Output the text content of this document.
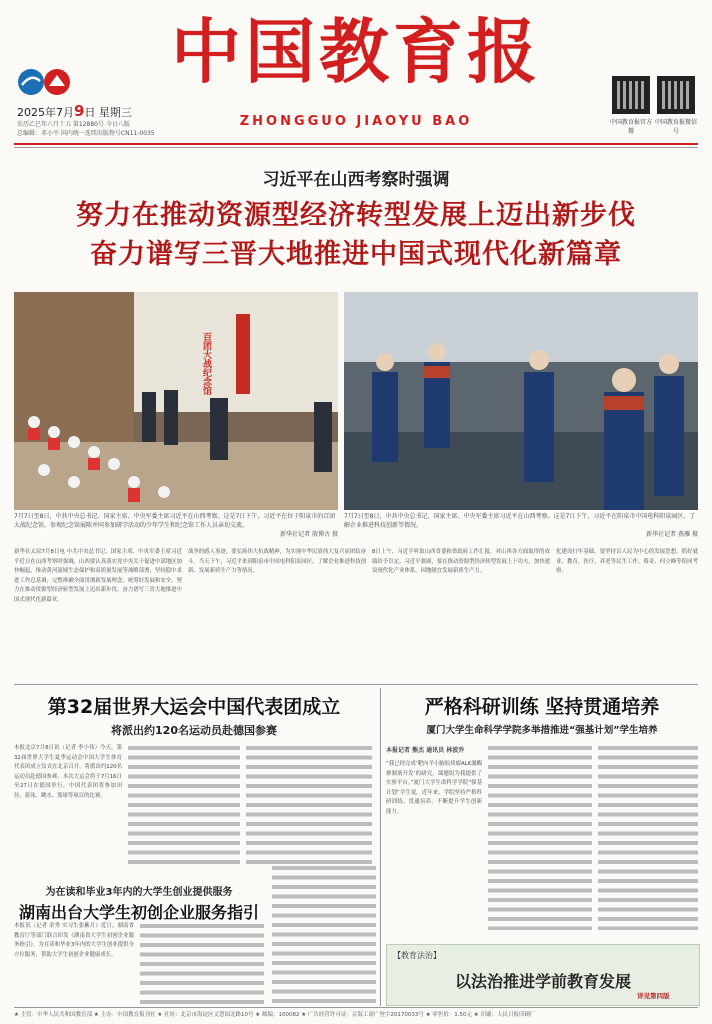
中国教育报
ZHONGGUO JIAOYU BAO
2025年7月9日 星期三
农历乙巳年六月十五 第12880号 今日八版
总编辑：邓小平 国内统一连续出版物号CN11-0035
中国教育报官方微
中国教育报微信号
习近平在山西考察时强调
努力在推动资源型经济转型发展上迈出新步伐
奋力谱写三晋大地推进中国式现代化新篇章
百团大战纪念馆
7月7日至8日，中共中央总书记、国家主席、中央军委主席习近平在山西考察。这是7日下午，习近平在位于阳泉市的百团大战纪念馆，参观纪念馆展陈并同参加研学活动的少年学生和纪念馆工作人员亲切交流。
新华社记者 殷博古 摄
7月7日至8日，中共中央总书记、国家主席、中央军委主席习近平在山西考察。这是7日下午，习近平在阳泉市中国电科阳泉园区，了解企业推进科技创新等情况。
新华社记者 燕雁 摄
新华社太原7月8日电 中共中央总书记、国家主席、中央军委主席习近平近日在山西考察时强调，山西要认真落实党中央关于促进中部地区加快崛起、推动黄河流域生态保护和高质量发展等战略部署，坚持稳中求进工作总基调，完整准确全面贯彻新发展理念，统筹好发展和安全，努力在推动资源型经济转型发展上迈出新步伐，奋力谱写三晋大地推进中国式现代化新篇章。
战争的感人事迹。要弘扬伟大抗战精神，为实现中华民族伟大复兴而团结奋斗。当天下午，习近平来到阳泉市中国电科阳泉园区，了解企业推进科技创新、发展新质生产力等情况。
8日上午，习近平听取山西省委和省政府工作汇报，对山西各方面取得的成绩给予肯定。习近平强调，要在推动资源型经济转型发展上下功夫，加快建设现代化产业体系，因地制宜发展新质生产力。
化建设打牢基础。要坚持以人民为中心的发展思想，抓好就业、教育、医疗、养老等民生工作。蔡奇、何立峰等陪同考察。
第32届世界大运会中国代表团成立
将派出约120名运动员赴德国参赛
本报北京7月8日讯（记者 李小伟）今天，第32届世界大学生夏季运动会中国大学生体育代表团成立仪式在北京召开，将派出约120名运动员赴德国参赛。本次大运会将于7月16日至27日在德国举行，中国代表团将参加田径、游泳、跳水、篮球等项目的比赛。
为在读和毕业3年内的大学生创业提供服务
湖南出台大学生初创企业服务指引
本报讯（记者 余秀 实习生张紫月）近日，湖南省教育厅等部门联合印发《湖南省大学生初创企业服务指引》，为在读和毕业3年内的大学生创业提供全方位服务，帮助大学生初创企业健康成长。
严格科研训练 坚持贯通培养
厦门大学生命科学学院多举措推进“强基计划”学生培养
本报记者 熊杰 通讯员 林波乔
“我已经完成‘靶向羊小脑胶质瘤ALK激酶抑制剂开发’的研究，课题组为我提供了实验平台。”厦门大学生命科学学院“强基计划”学生说。近年来，学院坚持严格科研训练、贯通培养，不断提升学生创新能力。
【教育法治】
以法治推进学前教育发展
详见第四版
★ 主管：中华人民共和国教育部 ★ 主办：中国教育报刊社 ★ 社址：北京市海淀区文慧园北路10号 ★ 邮编：100082 ★ 广告经营许可证：京海工商广登字20170033号 ★ 零售价：1.50元 ★ 印刷：人民日报印刷厂
